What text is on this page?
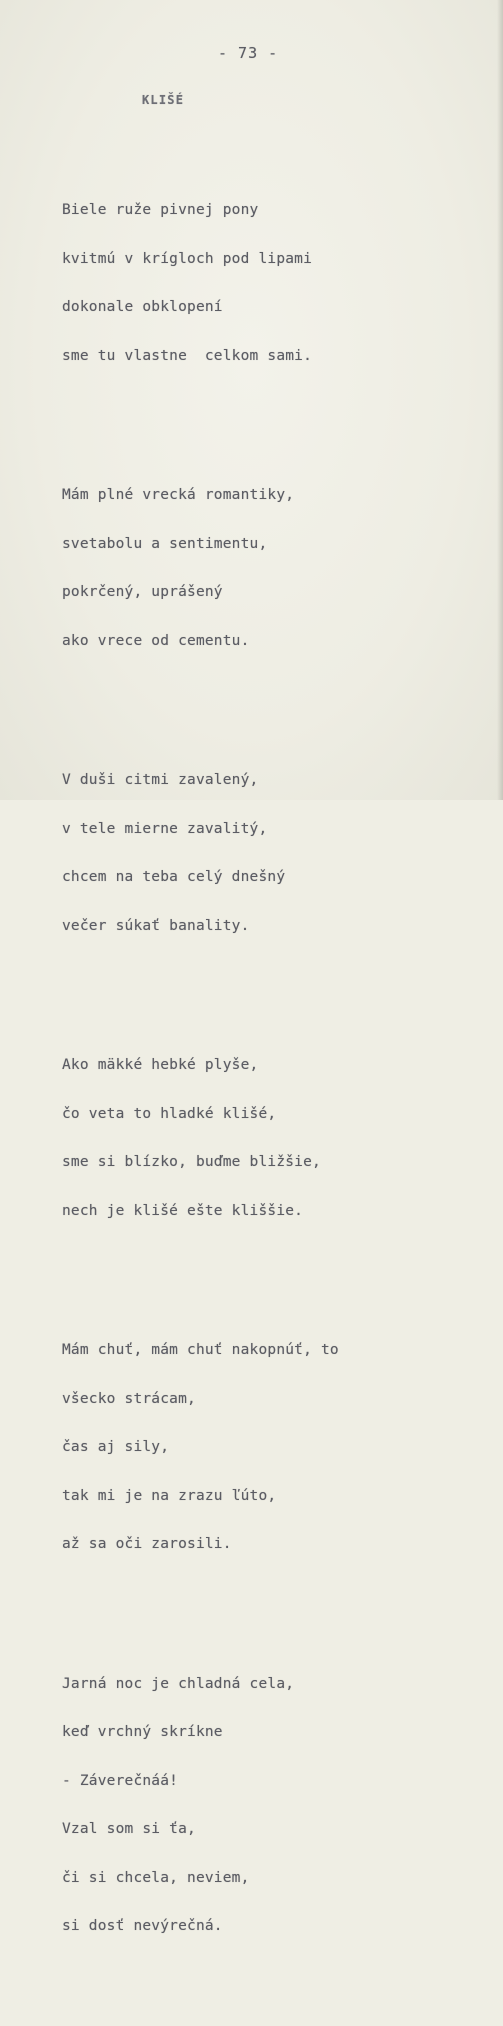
- 73 -
KLIŠÉ

Biele ruže pivnej pony

kvitmú v krígloch pod lipami

dokonale obklopení

sme tu vlastne  celkom sami.

Mám plné vrecká romantiky,

svetabolu a sentimentu,

pokrčený, uprášený

ako vrece od cementu.

V duši citmi zavalený,

v tele mierne zavalitý,

chcem na teba celý dnešný

večer súkať banality.

Ako mäkké hebké plyše,

čo veta to hladké klišé,

sme si blízko, buďme bližšie,

nech je klišé ešte kliššie.

Mám chuť, mám chuť nakopnúť, to

všecko strácam,

čas aj sily,

tak mi je na zrazu ľúto,

až sa oči zarosili.

Jarná noc je chladná cela,

keď vrchný skríkne

- Záverečnáá!

Vzal som si ťa,

či si chcela, neviem,

si dosť nevýrečná.
